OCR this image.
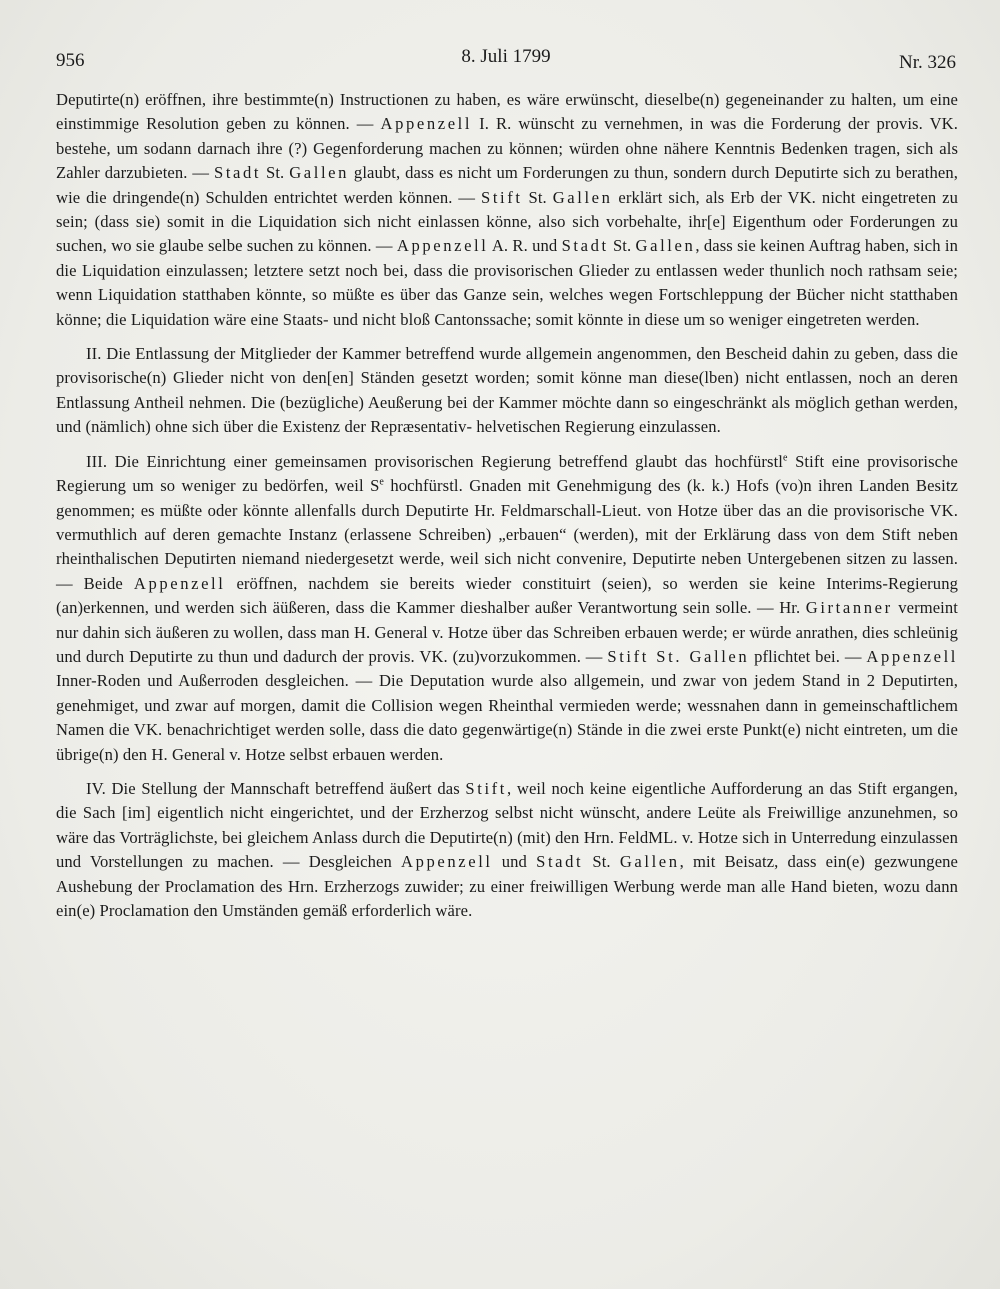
956	8. Juli 1799	Nr. 326

Deputirte(n) eröffnen, ihre bestimmte(n) Instructionen zu haben, es wäre erwünscht, dieselbe(n) gegeneinander zu halten, um eine einstimmige Resolution geben zu können. — Appenzell I. R. wünscht zu vernehmen, in was die Forderung der provis. VK. bestehe, um sodann darnach ihre (?) Gegenforderung machen zu können; würden ohne nähere Kenntnis Bedenken tragen, sich als Zahler darzubieten. — Stadt St. Gallen glaubt, dass es nicht um Forderungen zu thun, sondern durch Deputirte sich zu berathen, wie die dringende(n) Schulden entrichtet werden können. — Stift St. Gallen erklärt sich, als Erb der VK. nicht eingetreten zu sein; (dass sie) somit in die Liquidation sich nicht einlassen könne, also sich vorbehalte, ihr[e] Eigenthum oder Forderungen zu suchen, wo sie glaube selbe suchen zu können. — Appenzell A. R. und Stadt St. Gallen, dass sie keinen Auftrag haben, sich in die Liquidation einzulassen; letztere setzt noch bei, dass die provisorischen Glieder zu entlassen weder thunlich noch rathsam seie; wenn Liquidation statthaben könnte, so müßte es über das Ganze sein, welches wegen Fortschleppung der Bücher nicht statthaben könne; die Liquidation wäre eine Staats- und nicht bloß Cantonssache; somit könnte in diese um so weniger eingetreten werden.

II. Die Entlassung der Mitglieder der Kammer betreffend wurde allgemein angenommen, den Bescheid dahin zu geben, dass die provisorische(n) Glieder nicht von den[en] Ständen gesetzt worden; somit könne man diese(lben) nicht entlassen, noch an deren Entlassung Antheil nehmen. Die (bezügliche) Aeußerung bei der Kammer möchte dann so eingeschränkt als möglich gethan werden, und (nämlich) ohne sich über die Existenz der Repræsentativ- helvetischen Regierung einzulassen.

III. Die Einrichtung einer gemeinsamen provisorischen Regierung betreffend glaubt das hochfürstl$^e$ Stift eine provisorische Regierung um so weniger zu bedörfen, weil $S^e$ hochfürstl. Gnaden mit Genehmigung des (k. k.) Hofs (vo)n ihren Landen Besitz genommen; es müßte oder könnte allenfalls durch Deputirte Hr. Feldmarschall-Lieut. von Hotze über das an die provisorische VK. vermuthlich auf deren gemachte Instanz (erlassene Schreiben) „erbauen“ (werden), mit der Erklärung dass von dem Stift neben rheinthalischen Deputirten niemand niedergesetzt werde, weil sich nicht convenire, Deputirte neben Untergebenen sitzen zu lassen. — Beide Appenzell eröffnen, nachdem sie bereits wieder constituirt (seien), so werden sie keine Interims-Regierung (an)erkennen, und werden sich äüßeren, dass die Kammer dieshalber außer Verantwortung sein solle. — Hr. Girtanner vermeint nur dahin sich äußeren zu wollen, dass man H. General v. Hotze über das Schreiben erbauen werde; er würde anrathen, dies schleünig und durch Deputirte zu thun und dadurch der provis. VK. (zu)vorzukommen. — Stift St. Gallen pflichtet bei. — Appenzell Inner-Roden und Außerroden desgleichen. — Die Deputation wurde also allgemein, und zwar von jedem Stand in 2 Deputirten, genehmiget, und zwar auf morgen, damit die Collision wegen Rheinthal vermieden werde; wessnahen dann in gemeinschaftlichem Namen die VK. benachrichtiget werden solle, dass die dato gegenwärtige(n) Stände in die zwei erste Punkt(e) nicht eintreten, um die übrige(n) den H. General v. Hotze selbst erbauen werden.

IV. Die Stellung der Mannschaft betreffend äußert das Stift, weil noch keine eigentliche Aufforderung an das Stift ergangen, die Sach [im] eigentlich nicht eingerichtet, und der Erzherzog selbst nicht wünscht, andere Leüte als Freiwillige anzunehmen, so wäre das Vorträglichste, bei gleichem Anlass durch die Deputirte(n) (mit) den Hrn. FeldML. v. Hotze sich in Unterredung einzulassen und Vorstellungen zu machen. — Desgleichen Appenzell und Stadt St. Gallen, mit Beisatz, dass ein(e) gezwungene Aushebung der Proclamation des Hrn. Erzherzogs zuwider; zu einer freiwilligen Werbung werde man alle Hand bieten, wozu dann ein(e) Proclamation den Umständen gemäß erforderlich wäre.
